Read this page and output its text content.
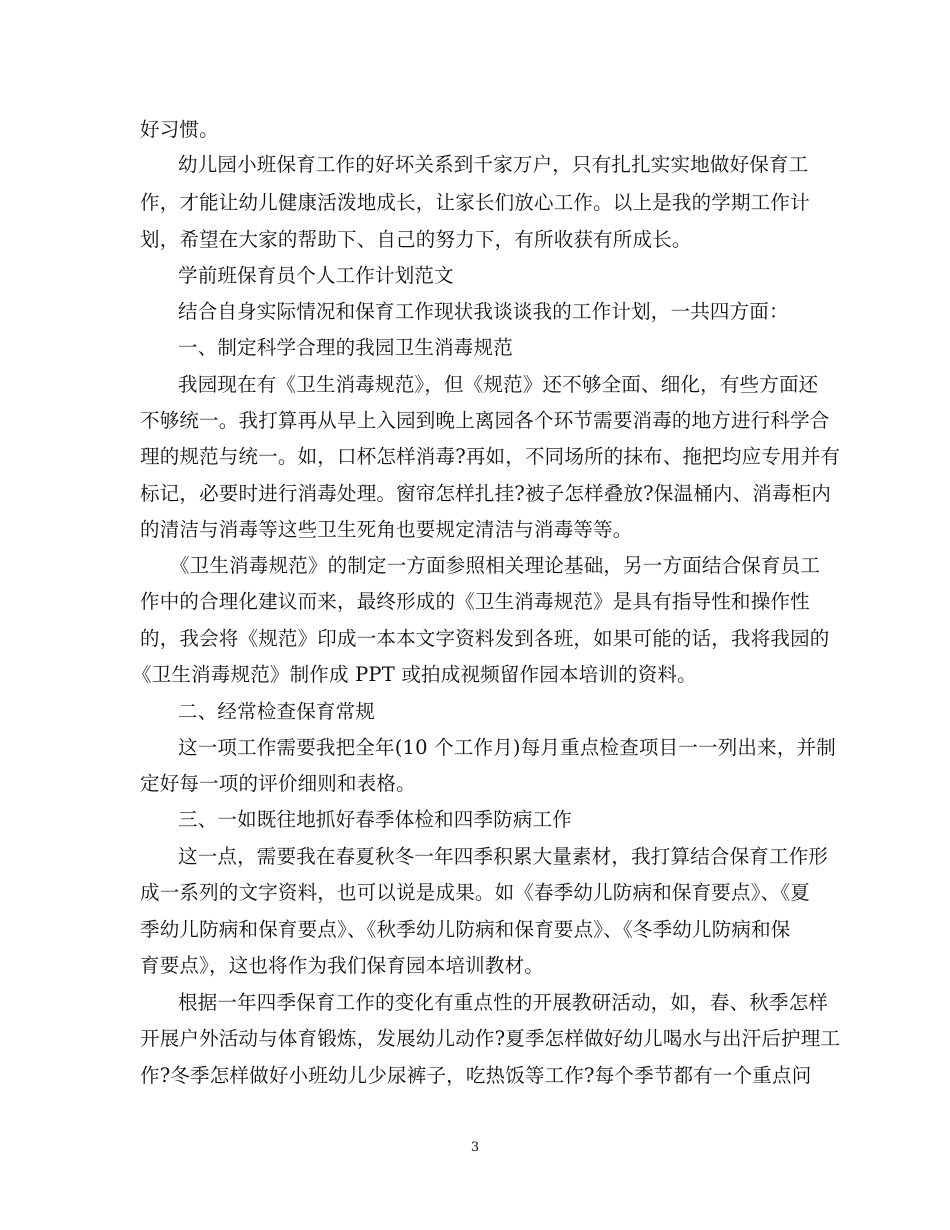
好习惯。
幼儿园小班保育工作的好坏关系到千家万户，只有扎扎实实地做好保育工
作，才能让幼儿健康活泼地成长，让家长们放心工作。以上是我的学期工作计
划，希望在大家的帮助下、自己的努力下，有所收获有所成长。
学前班保育员个人工作计划范文
结合自身实际情况和保育工作现状我谈谈我的工作计划，一共四方面：
一、制定科学合理的我园卫生消毒规范
我园现在有《卫生消毒规范》，但《规范》还不够全面、细化，有些方面还
不够统一。我打算再从早上入园到晚上离园各个环节需要消毒的地方进行科学合
理的规范与统一。如，口杯怎样消毒?再如，不同场所的抹布、拖把均应专用并有
标记，必要时进行消毒处理。窗帘怎样扎挂?被子怎样叠放?保温桶内、消毒柜内
的清洁与消毒等这些卫生死角也要规定清洁与消毒等等。
《卫生消毒规范》的制定一方面参照相关理论基础，另一方面结合保育员工
作中的合理化建议而来，最终形成的《卫生消毒规范》是具有指导性和操作性
的，我会将《规范》印成一本本文字资料发到各班，如果可能的话，我将我园的
《卫生消毒规范》制作成 PPT 或拍成视频留作园本培训的资料。
二、经常检查保育常规
这一项工作需要我把全年(10 个工作月)每月重点检查项目一一列出来，并制
定好每一项的评价细则和表格。
三、一如既往地抓好春季体检和四季防病工作
这一点，需要我在春夏秋冬一年四季积累大量素材，我打算结合保育工作形
成一系列的文字资料，也可以说是成果。如《春季幼儿防病和保育要点》、《夏
季幼儿防病和保育要点》、《秋季幼儿防病和保育要点》、《冬季幼儿防病和保
育要点》，这也将作为我们保育园本培训教材。
根据一年四季保育工作的变化有重点性的开展教研活动，如，春、秋季怎样
开展户外活动与体育锻炼，发展幼儿动作?夏季怎样做好幼儿喝水与出汗后护理工
作?冬季怎样做好小班幼儿少尿裤子，吃热饭等工作?每个季节都有一个重点问
3
